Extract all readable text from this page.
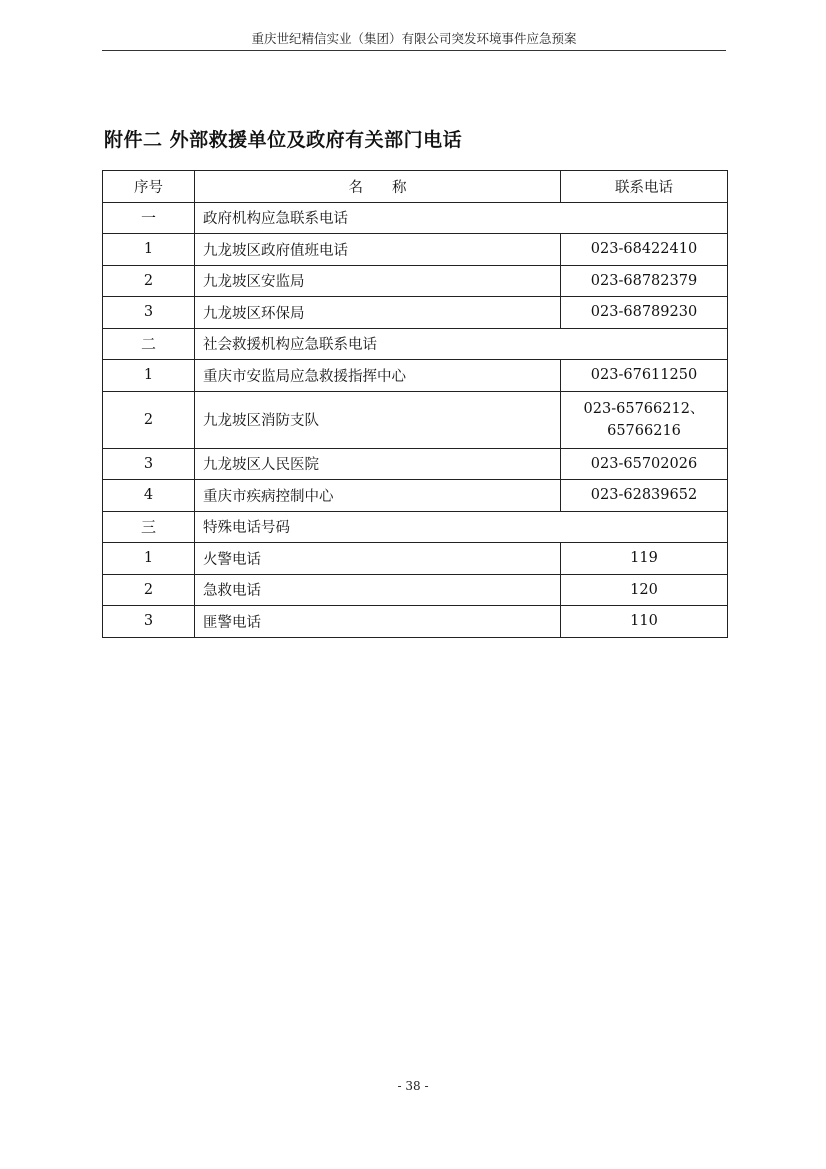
重庆世纪精信实业（集团）有限公司突发环境事件应急预案
附件二 外部救援单位及政府有关部门电话
序号	名　　称	联系电话
一	政府机构应急联系电话	
1	九龙坡区政府值班电话	023-68422410
2	九龙坡区安监局	023-68782379
3	九龙坡区环保局	023-68789230
二	社会救援机构应急联系电话	
1	重庆市安监局应急救援指挥中心	023-67611250
2	九龙坡区消防支队	023-65766212、
65766216

3	九龙坡区人民医院	023-65702026
4	重庆市疾病控制中心	023-62839652
三	特殊电话号码	
1	火警电话	119
2	急救电话	120
3	匪警电话	110
- 38 -
